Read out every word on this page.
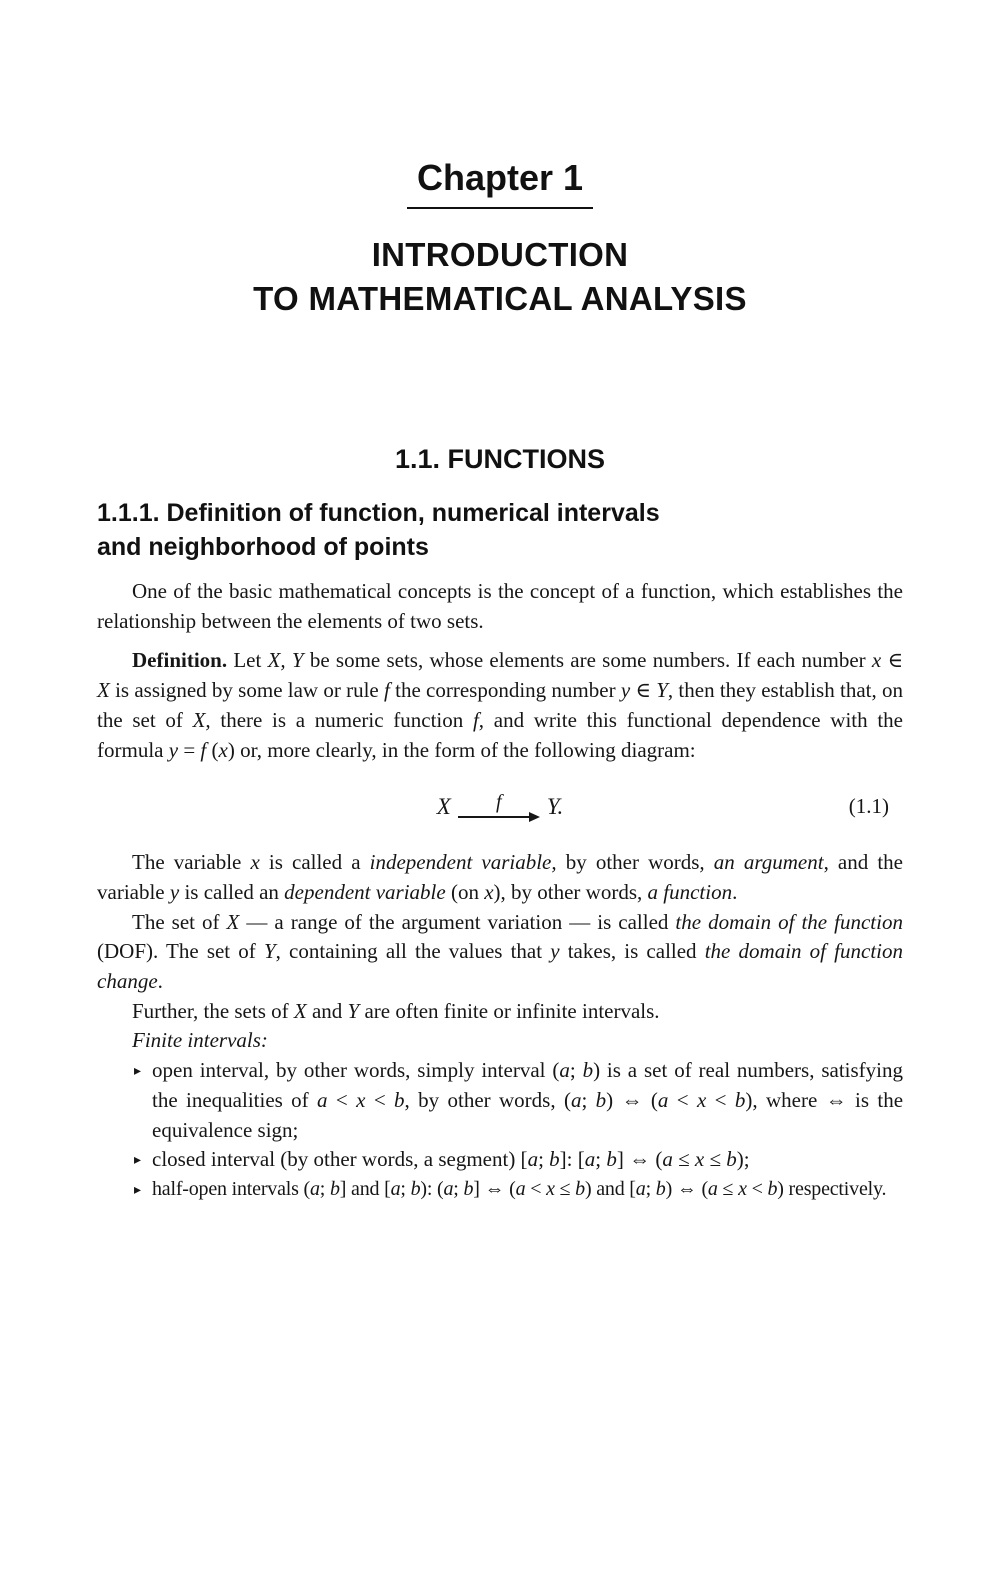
Chapter 1
INTRODUCTION
TO MATHEMATICAL ANALYSIS
1.1. FUNCTIONS
1.1.1. Definition of function, numerical intervals
and neighborhood of points

One of the basic mathematical concepts is the concept of a function, which establishes the relationship between the elements of two sets.

Definition. Let X, Y be some sets, whose elements are some numbers. If each number x ∈ X is assigned by some law or rule f the corresponding number y ∈ Y, then they establish that, on the set of X, there is a numeric function f, and write this functional dependence with the formula y = f (x) or, more clearly, in the form of the following diagram:

X f Y.	(1.1)

The variable x is called a independent variable, by other words, an argument, and the variable y is called an dependent variable (on x), by other words, a function.

The set of X — a range of the argument variation — is called the domain of the function (DOF). The set of Y, containing all the values that y takes, is called the domain of function change.

Further, the sets of X and Y are often finite or infinite intervals.

Finite intervals:

▸ open interval, by other words, simply interval (a; b) is a set of real numbers, satisfying the inequalities of a < x < b, by other words, (a; b) ⇔ (a < x < b), where ⇔ is the equivalence sign;
▸ closed interval (by other words, a segment) [a; b]: [a; b] ⇔ (a ≤ x ≤ b);
▸ half-open intervals (a; b] and [a; b): (a; b] ⇔ (a < x ≤ b) and [a; b) ⇔ (a ≤ x < b) respectively.
